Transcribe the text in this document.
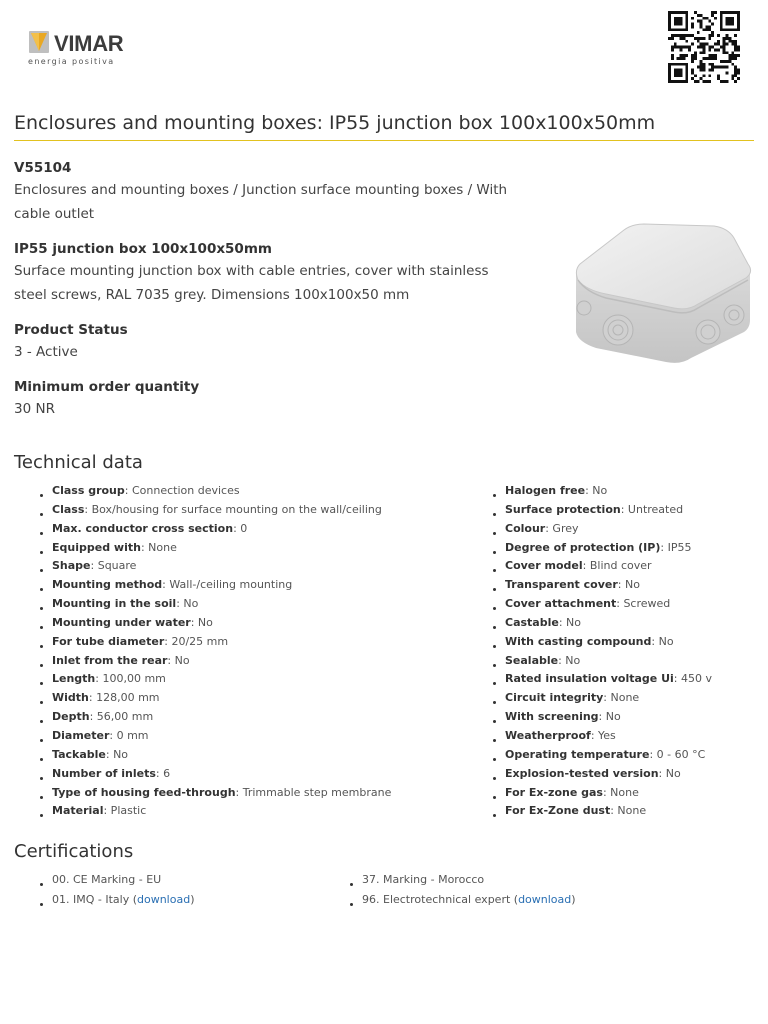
VIMAR
energia positiva
Enclosures and mounting boxes: IP55 junction box 100x100x50mm
V55104
Enclosures and mounting boxes / Junction surface mounting boxes / With cable outlet
IP55 junction box 100x100x50mm
Surface mounting junction box with cable entries, cover with stainless steel screws, RAL 7035 grey. Dimensions 100x100x50 mm
Product Status
3 - Active
Minimum order quantity
30 NR
Technical data
Class group: Connection devices
Class: Box/housing for surface mounting on the wall/ceiling
Max. conductor cross section: 0
Equipped with: None
Shape: Square
Mounting method: Wall-/ceiling mounting
Mounting in the soil: No
Mounting under water: No
For tube diameter: 20/25 mm
Inlet from the rear: No
Length: 100,00 mm
Width: 128,00 mm
Depth: 56,00 mm
Diameter: 0 mm
Tackable: No
Number of inlets: 6
Type of housing feed-through: Trimmable step membrane
Material: Plastic
Halogen free: No
Surface protection: Untreated
Colour: Grey
Degree of protection (IP): IP55
Cover model: Blind cover
Transparent cover: No
Cover attachment: Screwed
Castable: No
With casting compound: No
Sealable: No
Rated insulation voltage Ui: 450 v
Circuit integrity: None
With screening: No
Weatherproof: Yes
Operating temperature: 0 - 60 °C
Explosion-tested version: No
For Ex-zone gas: None
For Ex-Zone dust: None
Certifications
00. CE Marking - EU
01. IMQ - Italy (download)
37. Marking - Morocco
96. Electrotechnical expert (download)
